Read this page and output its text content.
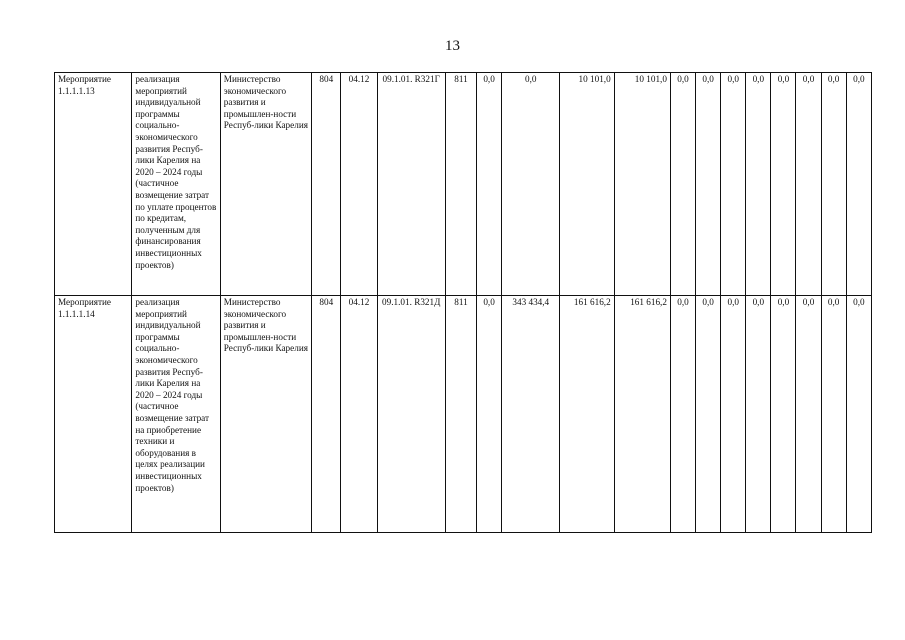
13
Мероприятие 1.1.1.1.13	реализация мероприятий индивидуальной программы социально-экономического развития Респуб-лики Карелия на 2020 – 2024 годы (частичное возмещение затрат по уплате процентов по кредитам, полученным для финансирования инвестиционных проектов)	Министерство экономического развития и промышлен-ности Респуб-лики Карелия	804	04.12	09.1.01. R321Г	811	0,0	0,0	10 101,0	10 101,0	0,0	0,0	0,0	0,0	0,0	0,0	0,0	0,0
Мероприятие 1.1.1.1.14	реализация мероприятий индивидуальной программы социально-экономического развития Респуб-лики Карелия на 2020 – 2024 годы (частичное возмещение затрат на приобретение техники и оборудования в целях реализации инвестиционных проектов)	Министерство экономического развития и промышлен-ности Респуб-лики Карелия	804	04.12	09.1.01. R321Д	811	0,0	343 434,4	161 616,2	161 616,2	0,0	0,0	0,0	0,0	0,0	0,0	0,0	0,0
